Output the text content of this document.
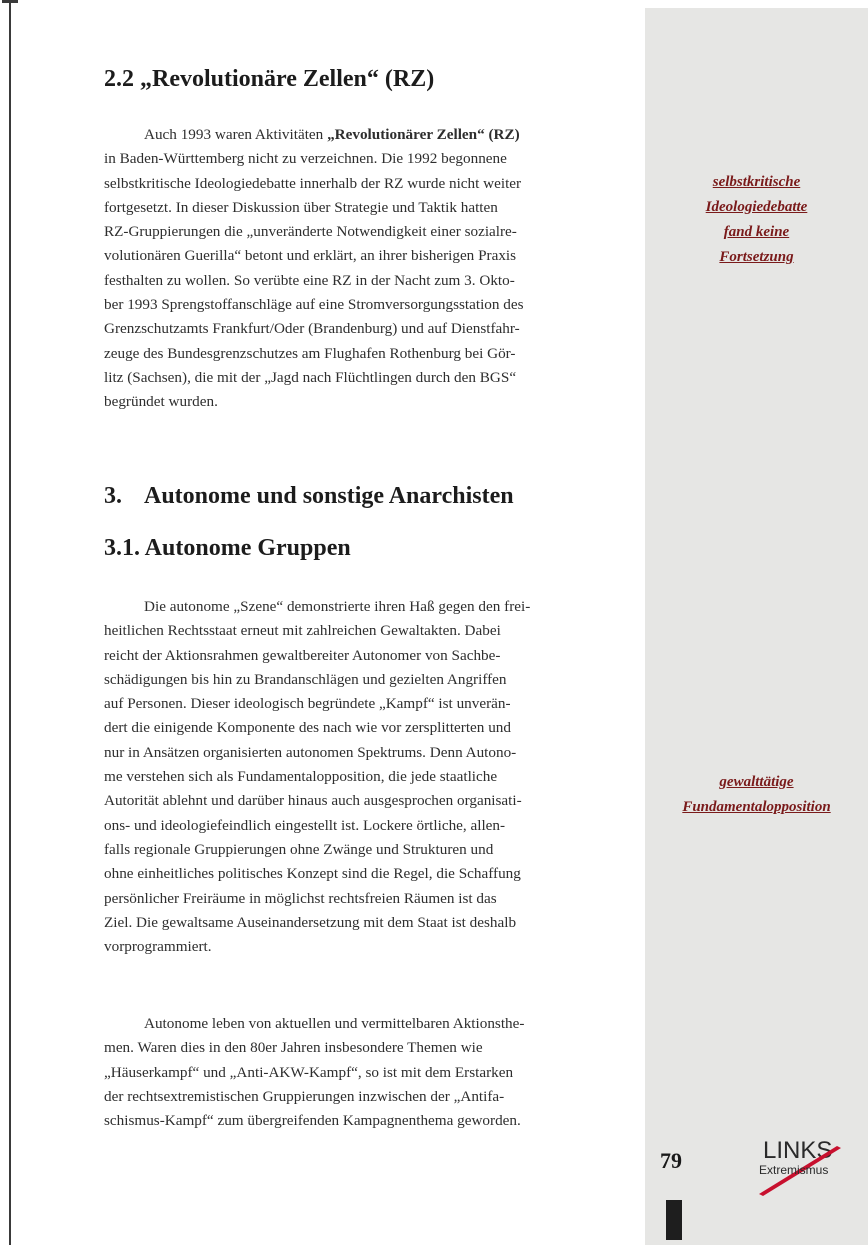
2.2 „Revolutionäre Zellen“ (RZ)

Auch 1993 waren Aktivitäten „Revolutionärer Zellen“ (RZ)
in Baden-Württemberg nicht zu verzeichnen. Die 1992 begonnene
selbstkritische Ideologiedebatte innerhalb der RZ wurde nicht weiter
fortgesetzt. In dieser Diskussion über Strategie und Taktik hatten
RZ-Gruppierungen die „unveränderte Notwendigkeit einer sozialre-
volutionären Guerilla“ betont und erklärt, an ihrer bisherigen Praxis
festhalten zu wollen. So verübte eine RZ in der Nacht zum 3. Okto-
ber 1993 Sprengstoffanschläge auf eine Stromversorgungsstation des
Grenzschutzamts Frankfurt/Oder (Brandenburg) und auf Dienstfahr-
zeuge des Bundesgrenzschutzes am Flughafen Rothenburg bei Gör-
litz (Sachsen), die mit der „Jagd nach Flüchtlingen durch den BGS“
begründet wurden.

3. Autonome und sonstige Anarchisten
3.1. Autonome Gruppen

Die autonome „Szene“ demonstrierte ihren Haß gegen den frei-
heitlichen Rechtsstaat erneut mit zahlreichen Gewaltakten. Dabei
reicht der Aktionsrahmen gewaltbereiter Autonomer von Sachbe-
schädigungen bis hin zu Brandanschlägen und gezielten Angriffen
auf Personen. Dieser ideologisch begründete „Kampf“ ist unverän-
dert die einigende Komponente des nach wie vor zersplitterten und
nur in Ansätzen organisierten autonomen Spektrums. Denn Autono-
me verstehen sich als Fundamentalopposition, die jede staatliche
Autorität ablehnt und darüber hinaus auch ausgesprochen organisati-
ons- und ideologiefeindlich eingestellt ist. Lockere örtliche, allen-
falls regionale Gruppierungen ohne Zwänge und Strukturen und
ohne einheitliches politisches Konzept sind die Regel, die Schaffung
persönlicher Freiräume in möglichst rechtsfreien Räumen ist das
Ziel. Die gewaltsame Auseinandersetzung mit dem Staat ist deshalb
vorprogrammiert.

Autonome leben von aktuellen und vermittelbaren Aktionsthe-
men. Waren dies in den 80er Jahren insbesondere Themen wie
„Häuserkampf“ und „Anti-AKW-Kampf“, so ist mit dem Erstarken
der rechtsextremistischen Gruppierungen inzwischen der „Antifa-
schismus-Kampf“ zum übergreifenden Kampagnenthema geworden.

selbstkritische
Ideologiedebatte
fand keine
Fortsetzung
gewalttätige
Fundamentalopposition
LINKS
Extremismus
79
